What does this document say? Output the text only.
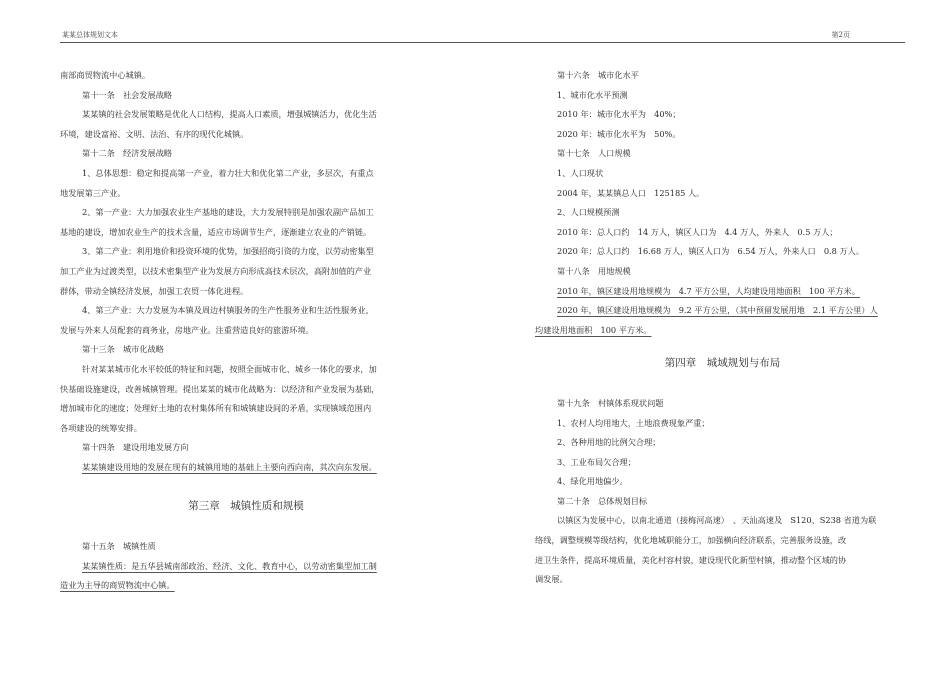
某某总体规划文本	第2页
南部商贸物流中心城镇。
第十一条　社会发展战略
某某镇的社会发展策略是优化人口结构，提高人口素质，增强城镇活力，优化生活
环境，建设富裕、文明、法治、有序的现代化城镇。
第十二条　经济发展战略
1、总体思想：稳定和提高第一产业，着力壮大和优化第二产业，多层次，有重点
地发展第三产业。
2、第一产业：大力加强农业生产基地的建设，大力发展特别是加强农副产品加工
基地的建设，增加农业生产的技术含量，适应市场调节生产，逐渐建立农业的产销链。
3、第二产业：利用地价和投资环境的优势，加强招商引资的力度，以劳动密集型
加工产业为过渡类型，以技术密集型产业为发展方向形成高技术层次，高附加值的产业
群体，带动全镇经济发展，加强工农贸一体化进程。
4、第三产业：大力发展为本镇及周边村镇服务的生产性服务业和生活性服务业，
发展与外来人员配套的商务业，房地产业。注重营造良好的旅游环境。
第十三条　城市化战略
针对某某城市化水平较低的特征和问题，按照全面城市化、城乡一体化的要求，加
快基础设施建设，改善城镇管理。提出某某的城市化战略为：以经济和产业发展为基础，
增加城市化的速度；处理好土地的农村集体所有和城镇建设间的矛盾，实现镇域范围内
各项建设的统筹安排。
第十四条　建设用地发展方向
某某镇建设用地的发展在现有的城镇用地的基础上主要向西向南，其次向东发展。
第三章　城镇性质和规模
第十五条　城镇性质
某某镇性质：是五华县城南部政治、经济、文化、教育中心，以劳动密集型加工制
造业为主导的商贸物流中心镇。
第十六条　城市化水平
1、城市化水平预测
2010 年：城市化水平为　40%；
2020 年：城市化水平为　50%。
第十七条　人口规模
1、人口现状
2004 年，某某镇总人口　125185 人。
2、人口规模预测
2010 年：总人口约　14 万人，镇区人口为　4.4 万人，外来人　0.5 万人；
2020 年：总人口约　16.68 万人，镇区人口为　6.54 万人，外来人口　0.8 万人。
第十八条　用地规模
2010 年，镇区建设用地规模为　4.7 平方公里，人均建设用地面积　100 平方米。
2020 年，镇区建设用地规模为　9.2 平方公里，（其中预留发展用地　2.1 平方公里）人
均建设用地面积　100 平方米。
第四章　城域规划与布局
第十九条　村镇体系现状问题
1、农村人均用地大，土地浪费现象严重；
2、各种用地的比例欠合理；
3、工业布局欠合理；
4、绿化用地偏少。
第二十条　总体规划目标
以镇区为发展中心，以南北通道（接梅河高速）　、天汕高速及　S120、S238 省道为联
络线，调整规模等级结构，优化地城职能分工，加强横向经济联系，完善服务设施，改
进卫生条件，提高环境质量，美化村容村貌，建设现代化新型村镇，推动整个区域的协
调发展。
